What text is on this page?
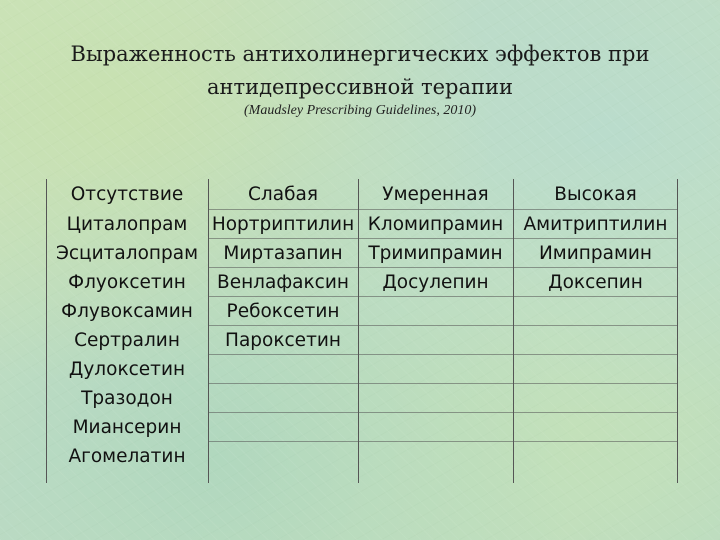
Выраженность антихолинергических эффектов при
антидепрессивной терапии
(Maudsley Prescribing Guidelines, 2010)
Отсутствие
Циталопрам
Эсциталопрам
Флуоксетин
Флувоксамин
Сертралин
Дулоксетин
Тразодон
Миансерин
Агомелатин
Слабая
Нортриптилин
Миртазапин
Венлафаксин
Ребоксетин
Пароксетин
Умеренная
Кломипрамин
Тримипрамин
Досулепин
Высокая
Амитриптилин
Имипрамин
Доксепин
